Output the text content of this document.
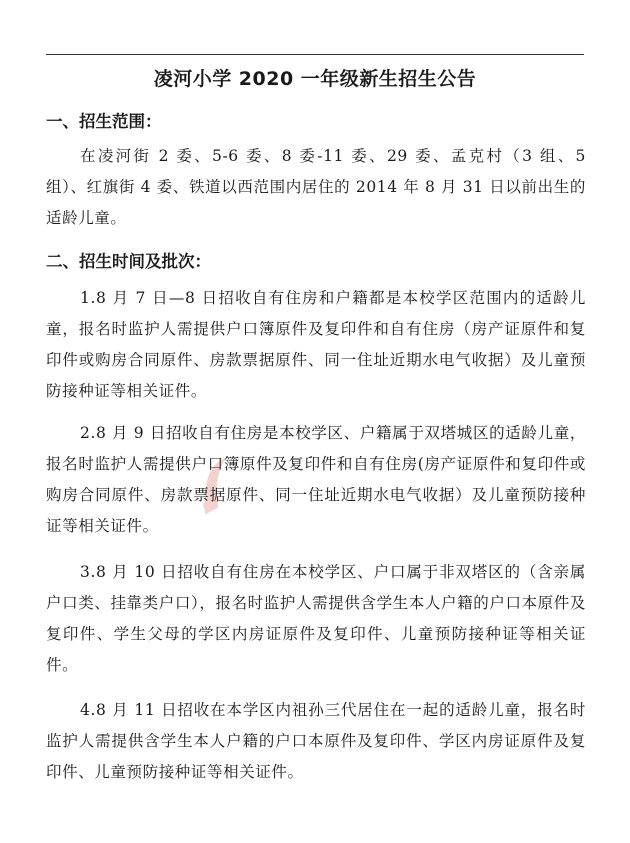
凌河小学 2020 一年级新生招生公告
一、招生范围：

在凌河街 2 委、5-6 委、8 委-11 委、29 委、孟克村（3 组、5 组）、红旗街 4 委、铁道以西范围内居住的 2014 年 8 月 31 日以前出生的适龄儿童。

二、招生时间及批次：

1.8 月 7 日—8 日招收自有住房和户籍都是本校学区范围内的适龄儿童，报名时监护人需提供户口簿原件及复印件和自有住房（房产证原件和复印件或购房合同原件、房款票据原件、同一住址近期水电气收据）及儿童预防接种证等相关证件。

2.8 月 9 日招收自有住房是本校学区、户籍属于双塔城区的适龄儿童，报名时监护人需提供户口簿原件及复印件和自有住房(房产证原件和复印件或购房合同原件、房款票据原件、同一住址近期水电气收据）及儿童预防接种证等相关证件。

3.8 月 10 日招收自有住房在本校学区、户口属于非双塔区的（含亲属户口类、挂靠类户口），报名时监护人需提供含学生本人户籍的户口本原件及复印件、学生父母的学区内房证原件及复印件、儿童预防接种证等相关证件。

4.8 月 11 日招收在本学区内祖孙三代居住在一起的适龄儿童，报名时监护人需提供含学生本人户籍的户口本原件及复印件、学区内房证原件及复印件、儿童预防接种证等相关证件。
